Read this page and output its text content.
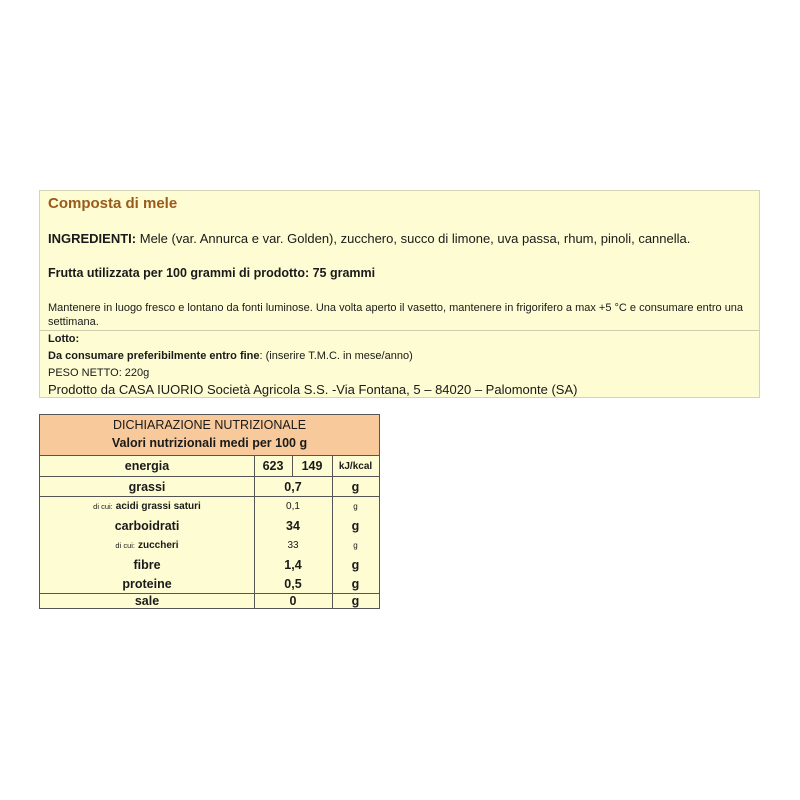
Composta di mele
INGREDIENTI: Mele (var. Annurca e var. Golden), zucchero, succo di limone, uva passa, rhum, pinoli, cannella.
Frutta utilizzata per 100 grammi di prodotto: 75 grammi
Mantenere in luogo fresco e lontano da fonti luminose. Una volta aperto il vasetto, mantenere in frigorifero a max +5 °C e consumare entro una settimana.
Lotto:
Da consumare preferibilmente entro fine: (inserire T.M.C. in mese/anno)
PESO NETTO: 220g
Prodotto da CASA IUORIO Società Agricola S.S. -Via Fontana, 5 – 84020 – Palomonte (SA)
DICHIARAZIONE NUTRIZIONALE
Valori nutrizionali medi per 100 g
energia	623	149	kJ/kcal
grassi	0,7	g
di cui: acidi grassi saturi	0,1	g
carboidrati	34	g
di cui: zuccheri	33	g
fibre	1,4	g
proteine	0,5	g
sale	0	g
